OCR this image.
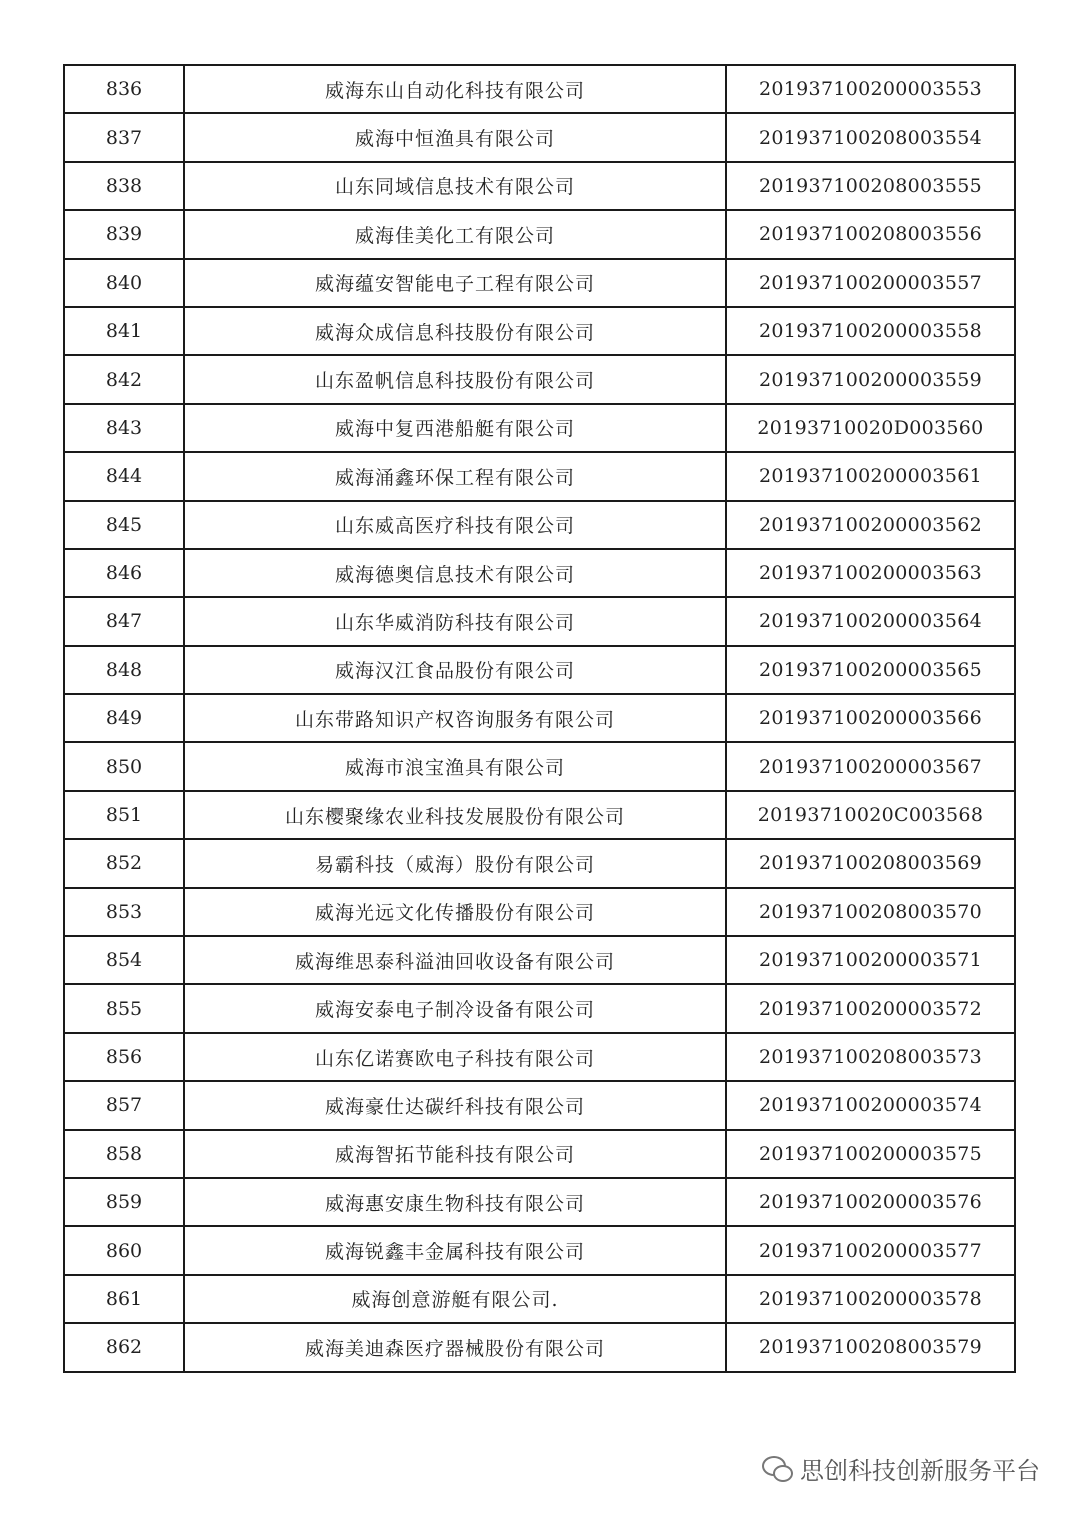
836	威海东山自动化科技有限公司	201937100200003553
837	威海中恒渔具有限公司	201937100208003554
838	山东同域信息技术有限公司	201937100208003555
839	威海佳美化工有限公司	201937100208003556
840	威海蕴安智能电子工程有限公司	201937100200003557
841	威海众成信息科技股份有限公司	201937100200003558
842	山东盈帆信息科技股份有限公司	201937100200003559
843	威海中复西港船艇有限公司	20193710020D003560
844	威海涌鑫环保工程有限公司	201937100200003561
845	山东威高医疗科技有限公司	201937100200003562
846	威海德奥信息技术有限公司	201937100200003563
847	山东华威消防科技有限公司	201937100200003564
848	威海汉江食品股份有限公司	201937100200003565
849	山东带路知识产权咨询服务有限公司	201937100200003566
850	威海市浪宝渔具有限公司	201937100200003567
851	山东樱聚缘农业科技发展股份有限公司	20193710020C003568
852	易霸科技（威海）股份有限公司	201937100208003569
853	威海光远文化传播股份有限公司	201937100208003570
854	威海维思泰科溢油回收设备有限公司	201937100200003571
855	威海安泰电子制冷设备有限公司	201937100200003572
856	山东亿诺赛欧电子科技有限公司	201937100208003573
857	威海豪仕达碳纤科技有限公司	201937100200003574
858	威海智拓节能科技有限公司	201937100200003575
859	威海惠安康生物科技有限公司	201937100200003576
860	威海锐鑫丰金属科技有限公司	201937100200003577
861	威海创意游艇有限公司.	201937100200003578
862	威海美迪森医疗器械股份有限公司	201937100208003579
思创科技创新服务平台
